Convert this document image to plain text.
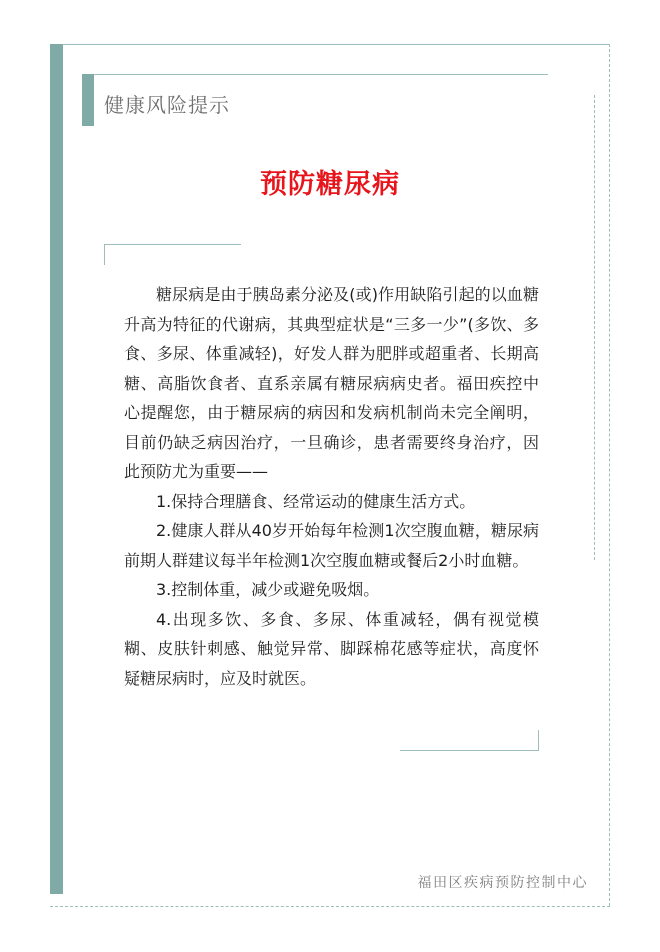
健康风险提示
预防糖尿病

糖尿病是由于胰岛素分泌及(或)作用缺陷引起的以血糖升高为特征的代谢病，其典型症状是“三多一少”(多饮、多食、多尿、体重减轻)，好发人群为肥胖或超重者、长期高糖、高脂饮食者、直系亲属有糖尿病病史者。福田疾控中心提醒您，由于糖尿病的病因和发病机制尚未完全阐明，目前仍缺乏病因治疗，一旦确诊，患者需要终身治疗，因此预防尤为重要——

1.保持合理膳食、经常运动的健康生活方式。

2.健康人群从40岁开始每年检测1次空腹血糖，糖尿病前期人群建议每半年检测1次空腹血糖或餐后2小时血糖。

3.控制体重，减少或避免吸烟。

4.出现多饮、多食、多尿、体重减轻，偶有视觉模糊、皮肤针刺感、触觉异常、脚踩棉花感等症状，高度怀疑糖尿病时，应及时就医。

福田区疾病预防控制中心
